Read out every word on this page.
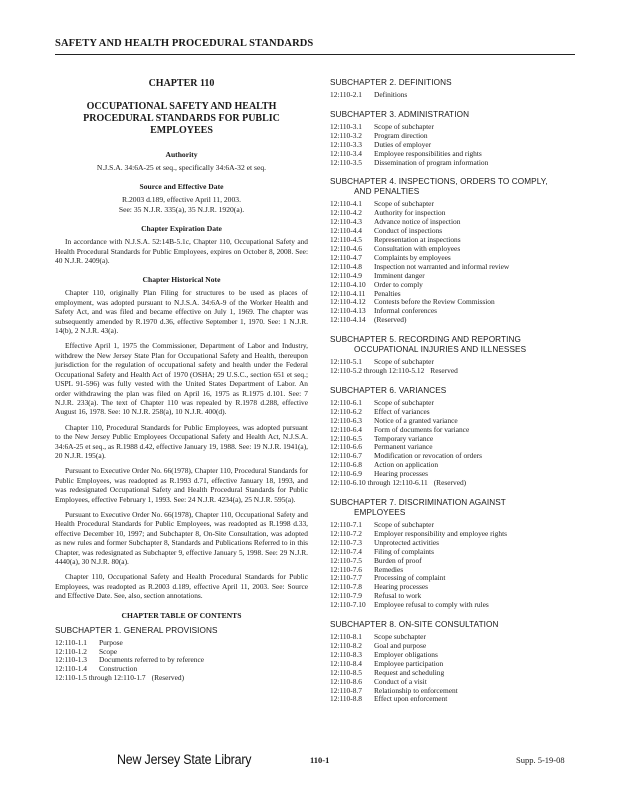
SAFETY AND HEALTH PROCEDURAL STANDARDS
CHAPTER 110
OCCUPATIONAL SAFETY AND HEALTH PROCEDURAL STANDARDS FOR PUBLIC EMPLOYEES
Authority
N.J.S.A. 34:6A-25 et seq., specifically 34:6A-32 et seq.
Source and Effective Date
R.2003 d.189, effective April 11, 2003.
See: 35 N.J.R. 335(a), 35 N.J.R. 1920(a).
Chapter Expiration Date
In accordance with N.J.S.A. 52:14B-5.1c, Chapter 110, Occupational Safety and Health Procedural Standards for Public Employees, expires on October 8, 2008. See: 40 N.J.R. 2409(a).
Chapter Historical Note
Chapter 110, originally Plan Filing for structures to be used as places of employment, was adopted pursuant to N.J.S.A. 34:6A-9 of the Worker Health and Safety Act, and was filed and became effective on July 1, 1969. The chapter was subsequently amended by R.1970 d.36, effective September 1, 1970. See: 1 N.J.R. 14(b), 2 N.J.R. 43(a).
Effective April 1, 1975 the Commissioner, Department of Labor and Industry, withdrew the New Jersey State Plan for Occupational Safety and Health, thereupon jurisdiction for the regulation of occupational safety and health under the Federal Occupational Safety and Health Act of 1970 (OSHA; 29 U.S.C., section 651 et seq.; USPL 91-596) was fully vested with the United States Department of Labor. An order withdrawing the plan was filed on April 16, 1975 as R.1975 d.101. See: 7 N.J.R. 233(a). The text of Chapter 110 was repealed by R.1978 d.288, effective August 16, 1978. See: 10 N.J.R. 258(a), 10 N.J.R. 400(d).
Chapter 110, Procedural Standards for Public Employees, was adopted pursuant to the New Jersey Public Employees Occupational Safety and Health Act, N.J.S.A. 34:6A-25 et seq., as R.1988 d.42, effective January 19, 1988. See: 19 N.J.R. 1941(a), 20 N.J.R. 195(a).
Pursuant to Executive Order No. 66(1978), Chapter 110, Procedural Standards for Public Employees, was readopted as R.1993 d.71, effective January 18, 1993, and was redesignated Occupational Safety and Health Procedural Standards for Public Employees, effective February 1, 1993. See: 24 N.J.R. 4234(a), 25 N.J.R. 595(a).
Pursuant to Executive Order No. 66(1978), Chapter 110, Occupational Safety and Health Procedural Standards for Public Employees, was readopted as R.1998 d.33, effective December 10, 1997; and Subchapter 8, On-Site Consultation, was adopted as new rules and former Subchapter 8, Standards and Publications Referred to in this Chapter, was redesignated as Subchapter 9, effective January 5, 1998. See: 29 N.J.R. 4440(a), 30 N.J.R. 80(a).
Chapter 110, Occupational Safety and Health Procedural Standards for Public Employees, was readopted as R.2003 d.189, effective April 11, 2003. See: Source and Effective Date. See, also, section annotations.
CHAPTER TABLE OF CONTENTS
SUBCHAPTER 1. GENERAL PROVISIONS
12:110-1.1	Purpose
12:110-1.2	Scope
12:110-1.3	Documents referred to by reference
12:110-1.4	Construction
12:110-1.5 through 12:110-1.7 (Reserved)
SUBCHAPTER 2. DEFINITIONS
12:110-2.1	Definitions
SUBCHAPTER 3. ADMINISTRATION
12:110-3.1	Scope of subchapter
12:110-3.2	Program direction
12:110-3.3	Duties of employer
12:110-3.4	Employee responsibilities and rights
12:110-3.5	Dissemination of program information
SUBCHAPTER 4. INSPECTIONS, ORDERS TO COMPLY,
AND PENALTIES
12:110-4.1	Scope of subchapter
12:110-4.2	Authority for inspection
12:110-4.3	Advance notice of inspection
12:110-4.4	Conduct of inspections
12:110-4.5	Representation at inspections
12:110-4.6	Consultation with employees
12:110-4.7	Complaints by employees
12:110-4.8	Inspection not warranted and informal review
12:110-4.9	Imminent danger
12:110-4.10	Order to comply
12:110-4.11	Penalties
12:110-4.12	Contests before the Review Commission
12:110-4.13	Informal conferences
12:110-4.14	(Reserved)
SUBCHAPTER 5. RECORDING AND REPORTING
OCCUPATIONAL INJURIES AND ILLNESSES
12:110-5.1	Scope of subchapter
12:110-5.2 through 12:110-5.12 Reserved
SUBCHAPTER 6. VARIANCES
12:110-6.1	Scope of subchapter
12:110-6.2	Effect of variances
12:110-6.3	Notice of a granted variance
12:110-6.4	Form of documents for variance
12:110-6.5	Temporary variance
12:110-6.6	Permanent variance
12:110-6.7	Modification or revocation of orders
12:110-6.8	Action on application
12:110-6.9	Hearing processes
12:110-6.10 through 12:110-6.11 (Reserved)
SUBCHAPTER 7. DISCRIMINATION AGAINST
EMPLOYEES
12:110-7.1	Scope of subchapter
12:110-7.2	Employer responsibility and employee rights
12:110-7.3	Unprotected activities
12:110-7.4	Filing of complaints
12:110-7.5	Burden of proof
12:110-7.6	Remedies
12:110-7.7	Processing of complaint
12:110-7.8	Hearing processes
12:110-7.9	Refusal to work
12:110-7.10	Employee refusal to comply with rules
SUBCHAPTER 8. ON-SITE CONSULTATION
12:110-8.1	Scope subchapter
12:110-8.2	Goal and purpose
12:110-8.3	Employer obligations
12:110-8.4	Employee participation
12:110-8.5	Request and scheduling
12:110-8.6	Conduct of a visit
12:110-8.7	Relationship to enforcement
12:110-8.8	Effect upon enforcement
New Jersey State Library	110-1	Supp. 5-19-08
